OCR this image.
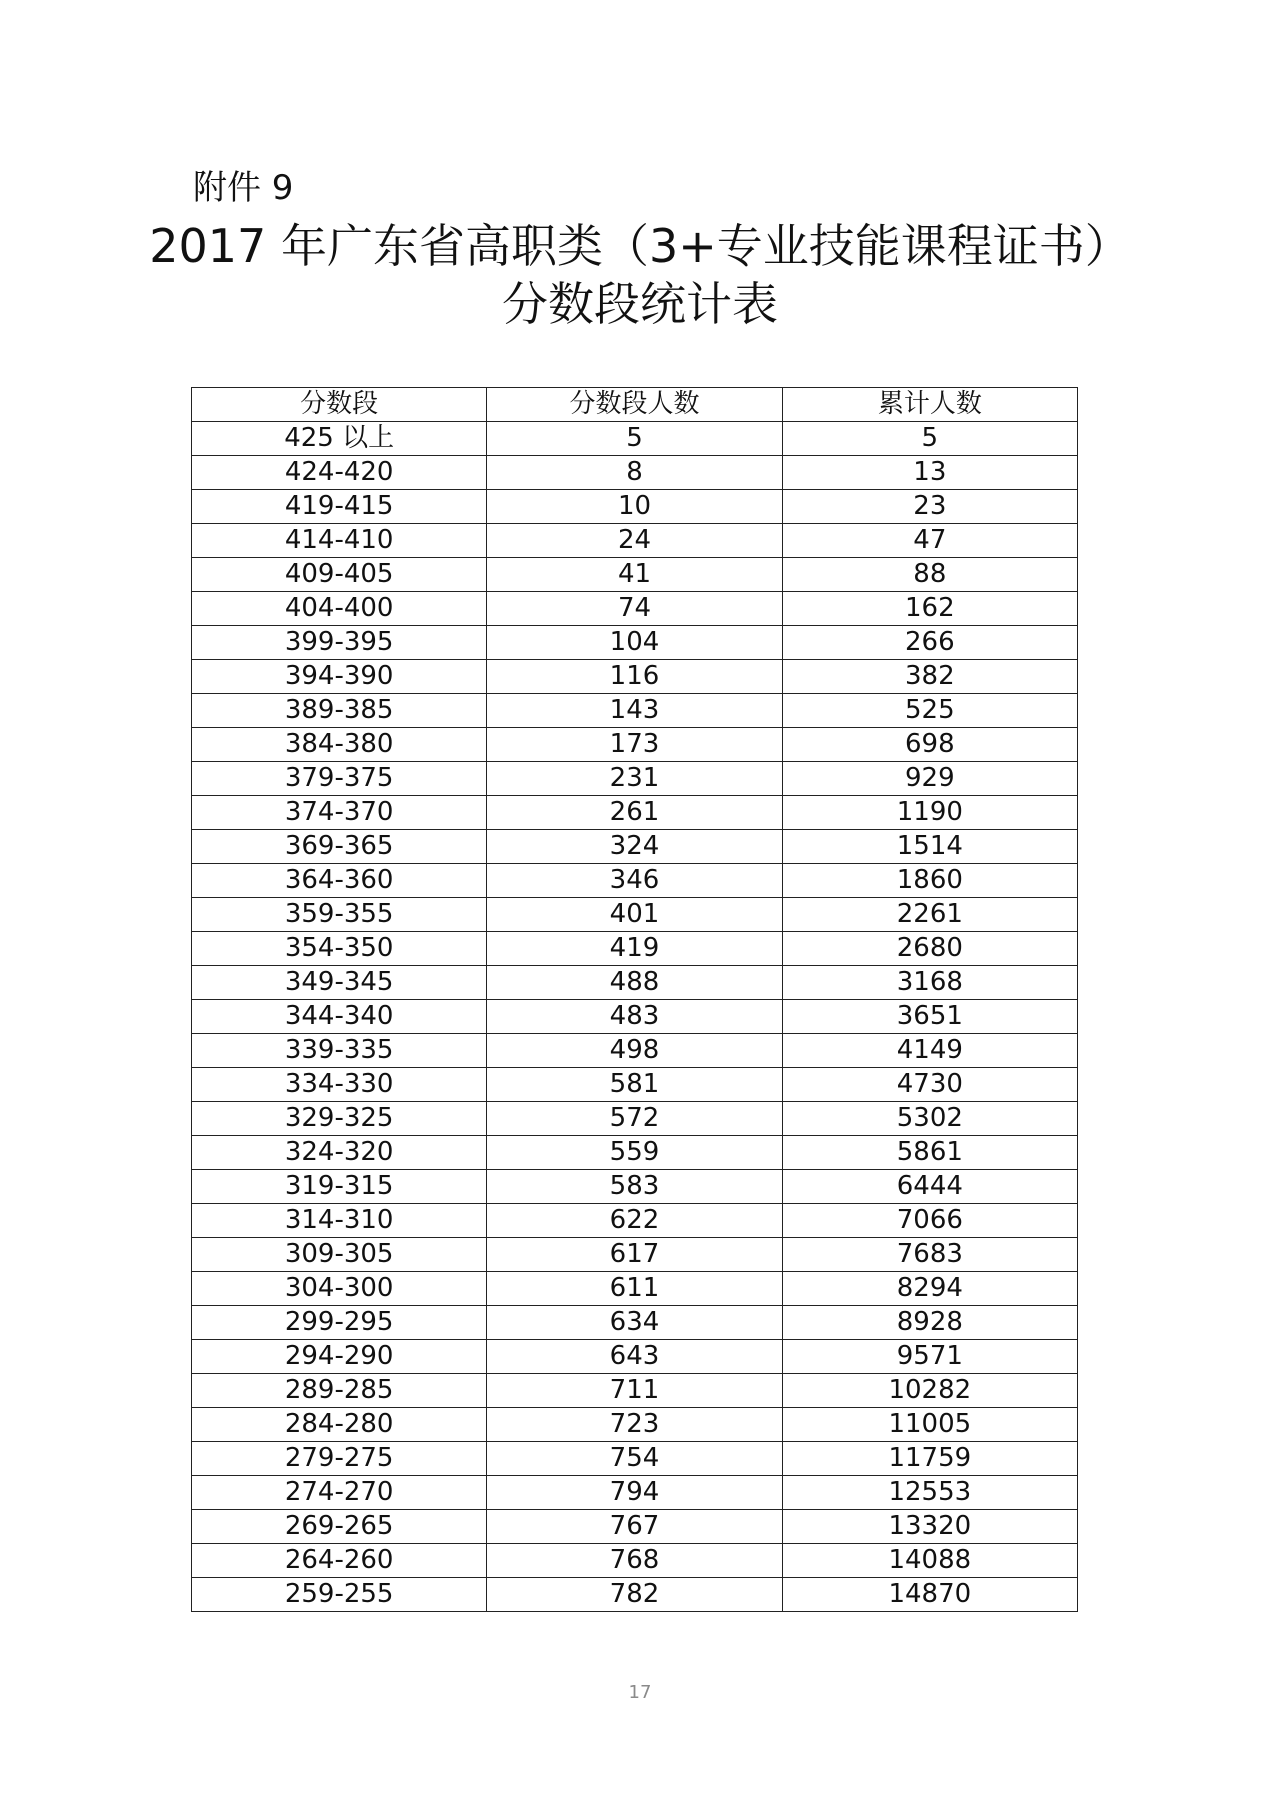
附件 9
2017 年广东省高职类（3+专业技能课程证书）
分数段统计表
分数段	分数段人数	累计人数
425 以上	5	5
424-420	8	13
419-415	10	23
414-410	24	47
409-405	41	88
404-400	74	162
399-395	104	266
394-390	116	382
389-385	143	525
384-380	173	698
379-375	231	929
374-370	261	1190
369-365	324	1514
364-360	346	1860
359-355	401	2261
354-350	419	2680
349-345	488	3168
344-340	483	3651
339-335	498	4149
334-330	581	4730
329-325	572	5302
324-320	559	5861
319-315	583	6444
314-310	622	7066
309-305	617	7683
304-300	611	8294
299-295	634	8928
294-290	643	9571
289-285	711	10282
284-280	723	11005
279-275	754	11759
274-270	794	12553
269-265	767	13320
264-260	768	14088
259-255	782	14870
17
